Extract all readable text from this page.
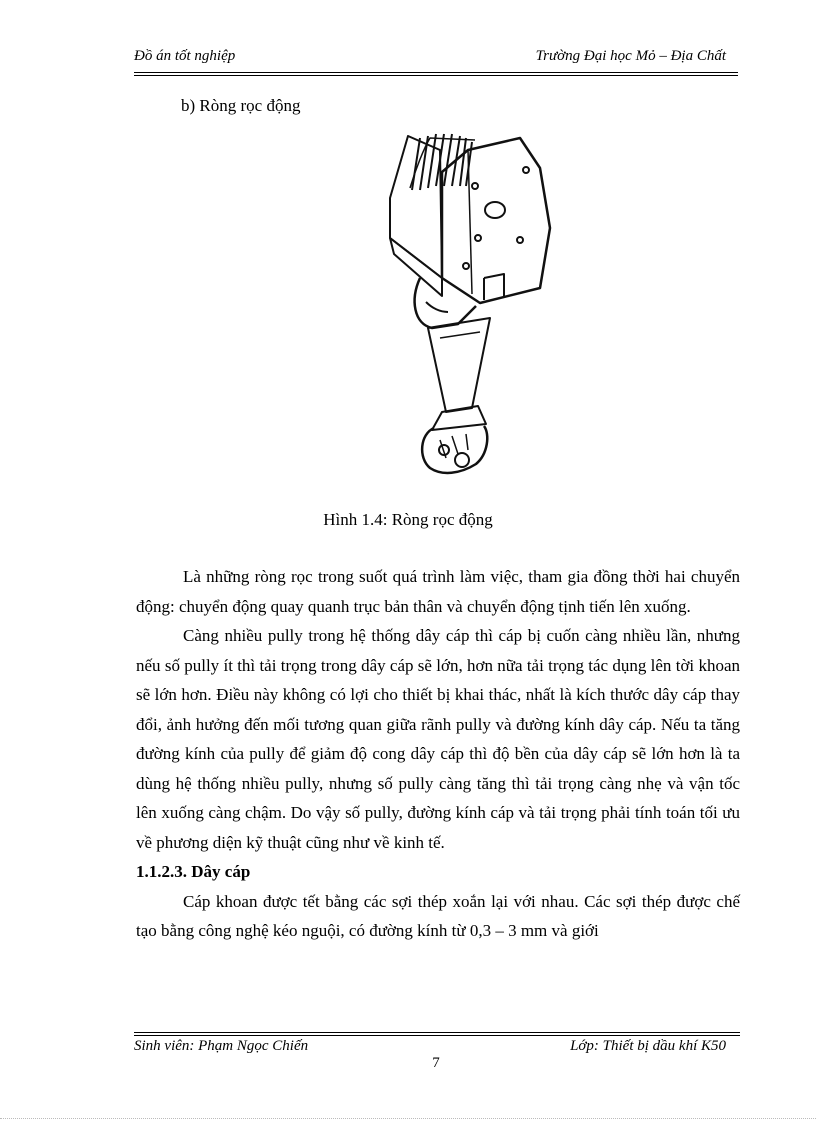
Đồ án tốt nghiệp	Trường Đại học Mỏ – Địa Chất
b) Ròng rọc động
Hình 1.4: Ròng rọc động

Là những ròng rọc trong suốt quá trình làm việc, tham gia đồng thời hai chuyển động: chuyển động quay quanh trục bản thân và chuyển động tịnh tiến lên xuống.

Càng nhiều pully trong hệ thống dây cáp thì cáp bị cuốn càng nhiều lần, nhưng nếu số pully ít thì tải trọng trong dây cáp sẽ lớn, hơn nữa tải trọng tác dụng lên tời khoan sẽ lớn hơn. Điều này không có lợi cho thiết bị khai thác, nhất là kích thước dây cáp thay đổi, ảnh hưởng đến mối tương quan giữa rãnh pully và đường kính dây cáp. Nếu ta tăng đường kính của pully để giảm độ cong dây cáp thì độ bền của dây cáp sẽ lớn hơn là ta dùng hệ thống nhiều pully, nhưng số pully càng tăng thì tải trọng càng nhẹ và vận tốc lên xuống càng chậm. Do vậy số pully, đường kính cáp và tải trọng phải tính toán tối ưu về phương diện kỹ thuật cũng như về kinh tế.

1.1.2.3. Dây cáp

Cáp khoan được tết bằng các sợi thép xoắn lại với nhau. Các sợi thép được chế tạo bằng công nghệ kéo nguội, có đường kính từ 0,3 – 3 mm và giới

Sinh viên: Phạm Ngọc Chiến	Lớp: Thiết bị dầu khí K50
7
